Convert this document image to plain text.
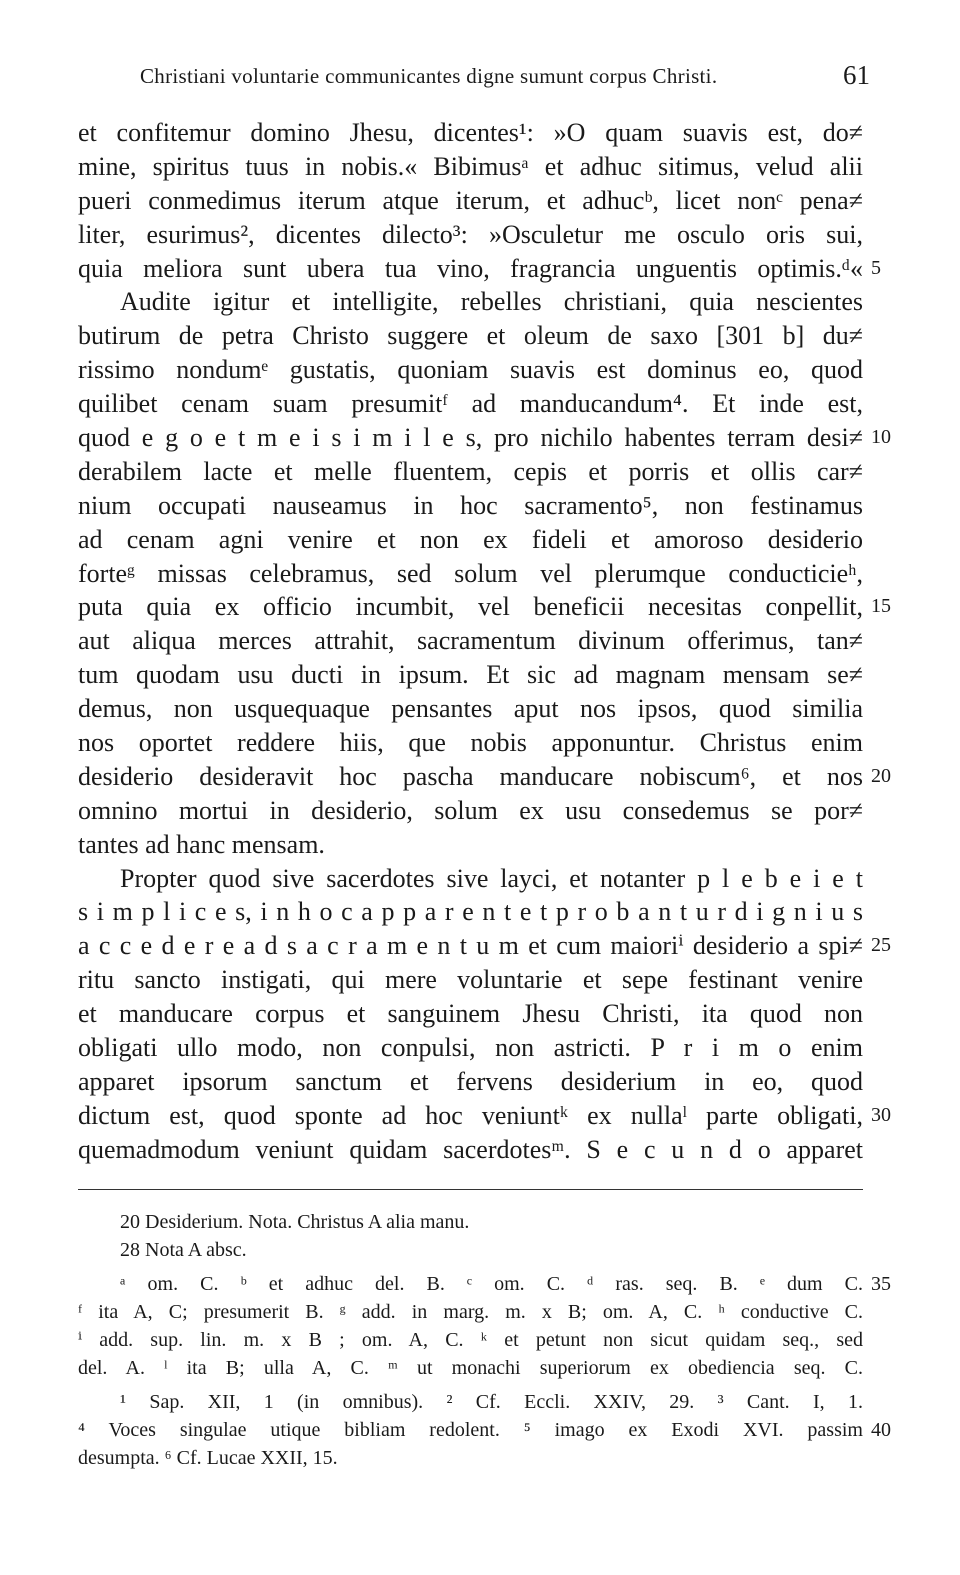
Christiani voluntarie communicantes digne sumunt corpus Christi.	61
et confitemur domino Jhesu, dicentes¹: »O quam suavis est, do≠
mine, spiritus tuus in nobis.« Bibimusᵃ et adhuc sitimus, velud alii
pueri conmedimus iterum atque iterum, et adhucᵇ, licet nonᶜ pena≠
liter, esurimus², dicentes dilecto³: »Osculetur me osculo oris sui,
quia meliora sunt ubera tua vino, fragrancia unguentis optimis.ᵈ« 5
Audite igitur et intelligite, rebelles christiani, quia nescientes
butirum de petra Christo suggere et oleum de saxo [301 b] du≠
rissimo nondumᵉ gustatis, quoniam suavis est dominus eo, quod
quilibet cenam suam presumitᶠ ad manducandum⁴. Et inde est,
quod e g o e t m e i s i m i l e s, pro nichilo habentes terram desi≠ 10
derabilem lacte et melle fluentem, cepis et porris et ollis car≠
nium occupati nauseamus in hoc sacramento⁵, non festinamus
ad cenam agni venire et non ex fideli et amoroso desiderio
forteᵍ missas celebramus, sed solum vel plerumque conducticieʰ,
puta quia ex officio incumbit, vel beneficii necesitas conpellit, 15
aut aliqua merces attrahit, sacramentum divinum offerimus, tan≠
tum quodam usu ducti in ipsum. Et sic ad magnam mensam se≠
demus, non usquequaque pensantes aput nos ipsos, quod similia
nos oportet reddere hiis, que nobis apponuntur. Christus enim
desiderio desideravit hoc pascha manducare nobiscum⁶, et nos 20
omnino mortui in desiderio, solum ex usu consedemus se por≠
tantes ad hanc mensam.
Propter quod sive sacerdotes sive layci, et notanter p l e b e i e t
s i m p l i c e s, i n h o c a p p a r e n t e t p r o b a n t u r d i g n i u s
a c c e d e r e a d s a c r a m e n t u m et cum maioriⁱ desiderio a spi≠ 25
ritu sancto instigati, qui mere voluntarie et sepe festinant venire
et manducare corpus et sanguinem Jhesu Christi, ita quod non
obligati ullo modo, non conpulsi, non astricti. P r i m o enim
apparet ipsorum sanctum et fervens desiderium in eo, quod
dictum est, quod sponte ad hoc veniuntᵏ ex nullaˡ parte obligati, 30
quemadmodum veniunt quidam sacerdotesᵐ. S e c u n d o apparet
20 Desiderium. Nota. Christus A alia manu.
28 Nota A absc.
ᵃ om. C. ᵇ et adhuc del. B. ᶜ om. C. ᵈ ras. seq. B. ᵉ dum C. 35
ᶠ ita A, C; presumerit B. ᵍ add. in marg. m. x B; om. A, C. ʰ conductive C.
ⁱ add. sup. lin. m. x B ; om. A, C. ᵏ et petunt non sicut quidam seq., sed
del. A. ˡ ita B; ulla A, C. ᵐ ut monachi superiorum ex obediencia seq. C.
¹ Sap. XII, 1 (in omnibus). ² Cf. Eccli. XXIV, 29. ³ Cant. I, 1.
⁴ Voces singulae utique bibliam redolent. ⁵ imago ex Exodi XVI. passim 40
desumpta. ⁶ Cf. Lucae XXII, 15.
